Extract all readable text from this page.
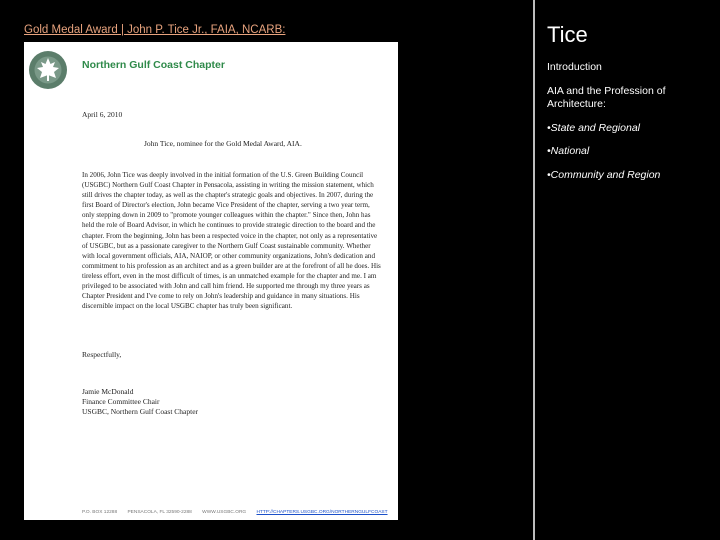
Gold Medal Award | John P. Tice Jr., FAIA, NCARB:
Northern Gulf Coast Chapter
April 6, 2010
John Tice, nominee for the Gold Medal Award, AIA.

In 2006, John Tice was deeply involved in the initial formation of the U.S. Green Building Council (USGBC) Northern Gulf Coast Chapter in Pensacola, assisting in writing the mission statement, which still drives the chapter today, as well as the chapter's strategic goals and objectives. In 2007, during the first Board of Director's election, John became Vice President of the chapter, serving a two year term, only stepping down in 2009 to "promote younger colleagues within the chapter." Since then, John has held the role of Board Advisor, in which he continues to provide strategic direction to the board and the chapter. From the beginning, John has been a respected voice in the chapter, not only as a representative of USGBC, but as a passionate caregiver to the Northern Gulf Coast sustainable community. Whether with local government officials, AIA, NAIOP, or other community organizations, John's dedication and commitment to his profession as an architect and as a green builder are at the forefront of all he does. His tireless effort, even in the most difficult of times, is an unmatched example for the chapter and me. I am privileged to be associated with John and call him friend. He supported me through my three years as Chapter President and I've come to rely on John's leadership and guidance in many situations. His discernible impact on the local USGBC chapter has truly been significant.

Respectfully,
Jamie McDonald
Finance Committee Chair
USGBC, Northern Gulf Coast Chapter
P.O. BOX 12288 PENSACOLA, FL 32590-2288 WWW.USGBC.ORG HTTP://CHAPTERS.USGBC.ORG/NORTHERNGULFCOAST
Tice
Introduction
AIA and the Profession of Architecture:
•State and Regional
•National
•Community and Region
